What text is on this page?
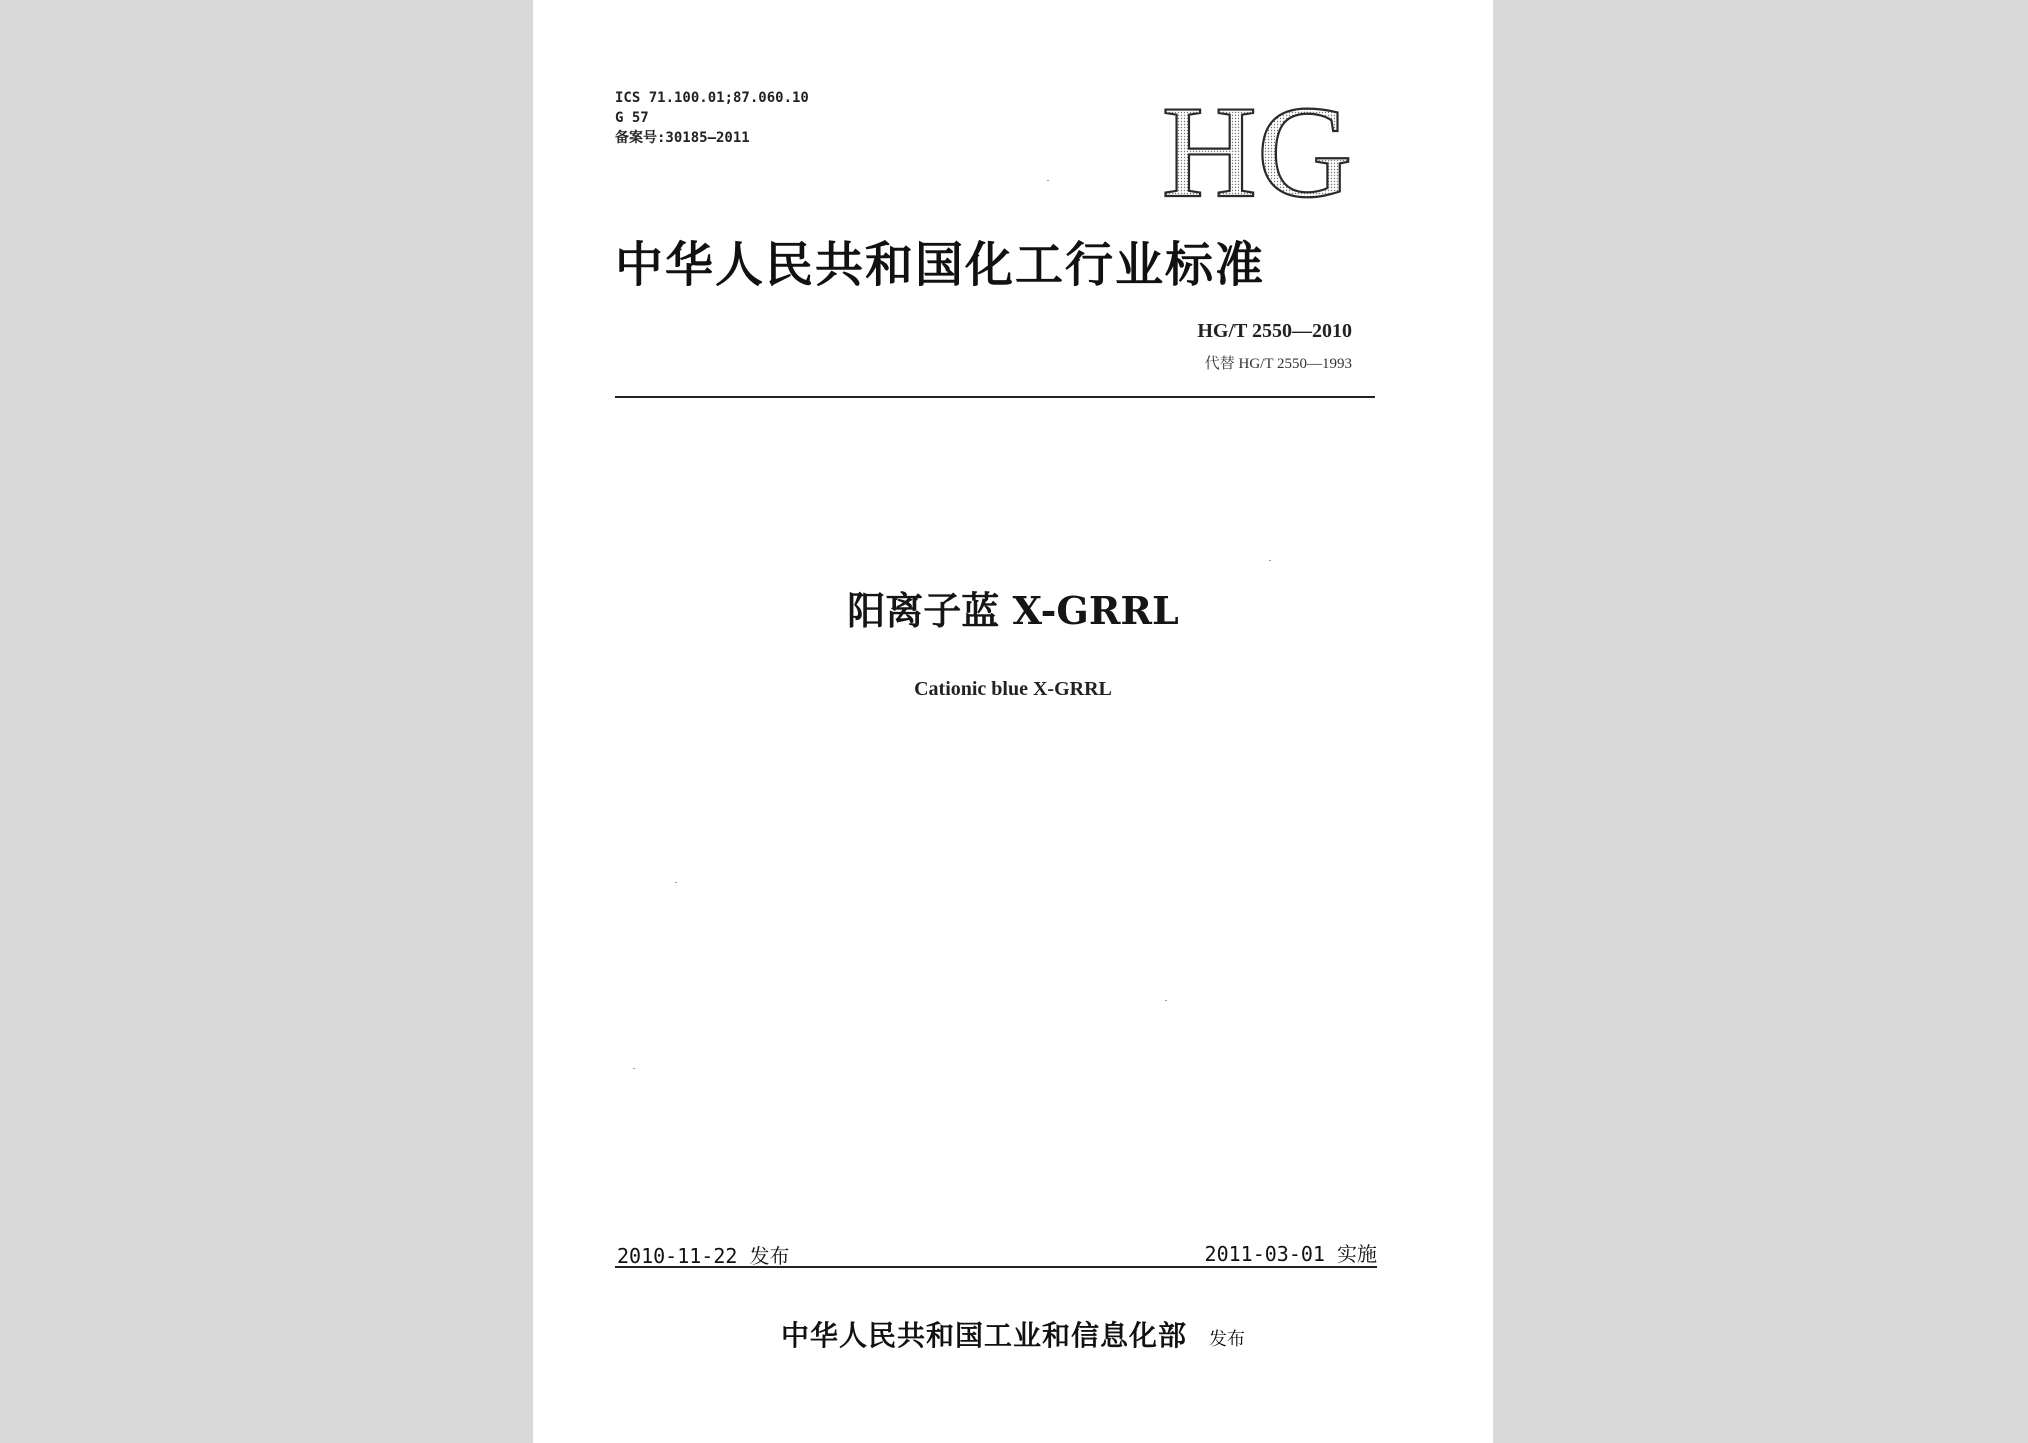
ICS 71.100.01;87.060.10
G 57
备案号:30185—2011	HG
中华人民共和国化工行业标准
HG/T 2550—2010
代替 HG/T 2550—1993
阳离子蓝 X-GRRL
Cationic blue X-GRRL
2010-11-22 发布	2011-03-01 实施
中华人民共和国工业和信息化部 发布
